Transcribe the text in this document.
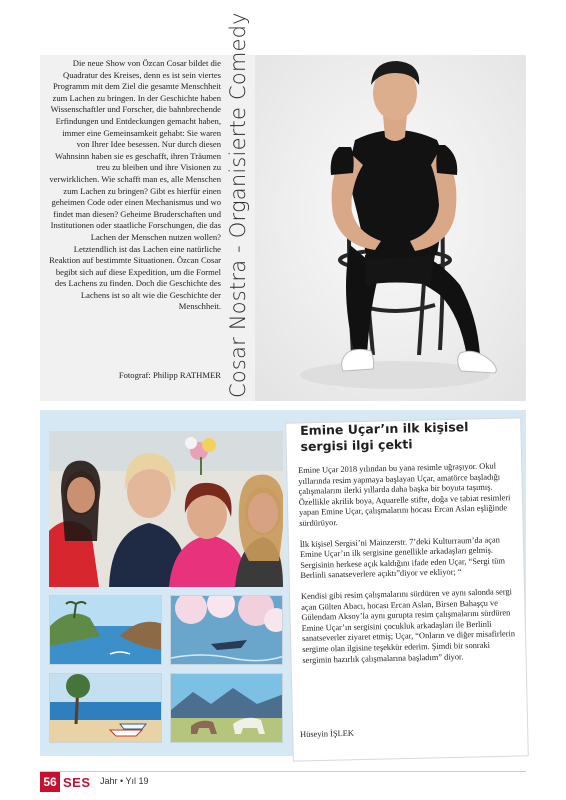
Die neue Show von Özcan Cosar bildet die Quadratur des Kreises, denn es ist sein viertes Programm mit dem Ziel die gesamte Menschheit zum Lachen zu bringen. In der Geschichte haben Wissenschaftler und Forscher, die bahnbrechende Erfindungen und Entdeckungen gemacht haben, immer eine Gemeinsamkeit gehabt: Sie waren von Ihrer Idee besessen. Nur durch diesen Wahnsinn haben sie es geschafft, ihren Träumen treu zu bleiben und ihre Visionen zu verwirklichen. Wie schafft man es, alle Menschen zum Lachen zu bringen? Gibt es hierfür einen geheimen Code oder einen Mechanismus und wo findet man diesen? Geheime Bruderschaften und Institutionen oder staatliche Forschungen, die das Lachen der Menschen nutzen wollen? Letztendlich ist das Lachen eine natürliche Reaktion auf bestimmte Situationen. Özcan Cosar begibt sich auf diese Expedition, um die Formel des Lachens zu finden. Doch die Geschichte des Lachens ist so alt wie die Geschichte der Menschheit.

Fotograf: Philipp RATHMER Cosar Nostra - Organisierte Comedy
Emine Uçar’ın ilk kişisel sergisi ilgi çekti

Emine Uçar 2018 yılından bu yana resimle uğraşıyor. Okul yıllarında resim yapmaya başlayan Uçar, amatörce başladığı çalışmalarını ilerki yıllarda daha başka bir boyuta taşımış. Özellikle akrilik boya, Aquarelle stifte, doğa ve tabiat resimleri yapan Emine Uçar, çalışmalarını hocası Ercan Aslan eşliğinde sürdürüyor.

İlk kişisel Sergisi’ni Mainzerstr. 7’deki Kulturraum’da açan Emine Uçar’ın ilk sergisine genellikle arkadaşları gelmiş. Sergisinin herkese açık kaldığını ifade eden Uçar, “Sergi tüm Berlinli sanatseverlere açıktı”diyor ve ekliyor; “

Kendisi gibi resim çalışmalarını sürdüren ve aynı salonda sergi açan Gülten Abacı, hocası Ercan Aslan, Birsen Bahaşçu ve Gülendam Aksoy’la aynı gurupta resim çalışmalarını sürdüren Emine Uçar’ın sergisini çocukluk arkadaşları ile Berlinli sanatseverler ziyaret etmiş; Uçar, “Onların ve diğer misafirlerin sergime olan ilgisine teşekkür ederim. Şimdi bir sonraki sergimin hazırlık çalışmalarına başladım” diyor.

Hüseyin İŞLEK
56 SES Jahr • Yıl 19
